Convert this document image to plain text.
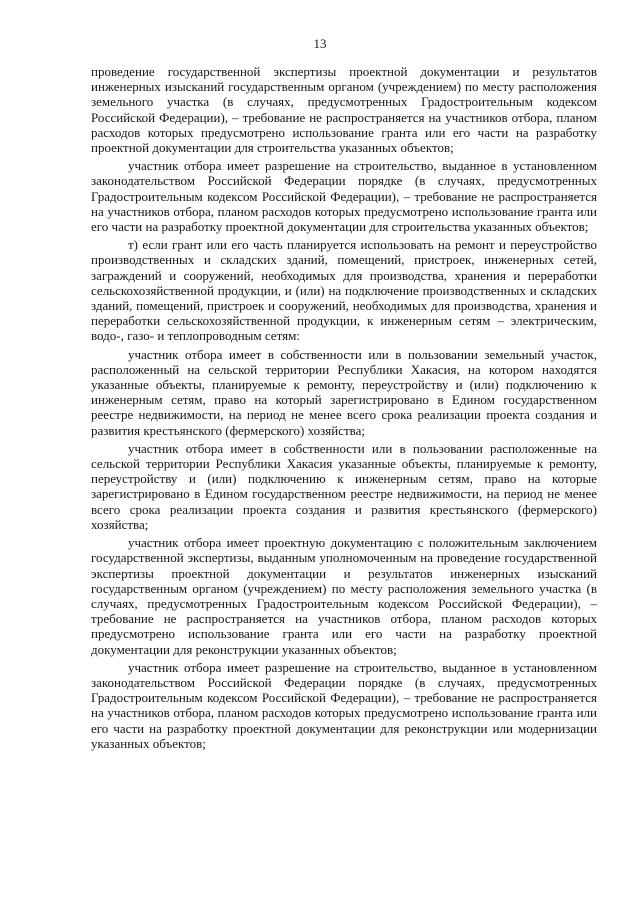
13

проведение государственной экспертизы проектной документации и результатов инженерных изысканий государственным органом (учреждением) по месту расположения земельного участка (в случаях, предусмотренных Градостроительным кодексом Российской Федерации), – требование не распространяется на участников отбора, планом расходов которых предусмотрено использование гранта или его части на разработку проектной документации для строительства указанных объектов;

участник отбора имеет разрешение на строительство, выданное в установленном законодательством Российской Федерации порядке (в случаях, предусмотренных Градостроительным кодексом Российской Федерации), – требование не распространяется на участников отбора, планом расходов которых предусмотрено использование гранта или его части на разработку проектной документации для строительства указанных объектов;

т) если грант или его часть планируется использовать на ремонт и переустройство производственных и складских зданий, помещений, пристроек, инженерных сетей, заграждений и сооружений, необходимых для производства, хранения и переработки сельскохозяйственной продукции, и (или) на подключение производственных и складских зданий, помещений, пристроек и сооружений, необходимых для производства, хранения и переработки сельскохозяйственной продукции, к инженерным сетям – электрическим, водо-, газо- и теплопроводным сетям:

участник отбора имеет в собственности или в пользовании земельный участок, расположенный на сельской территории Республики Хакасия, на котором находятся указанные объекты, планируемые к ремонту, переустройству и (или) подключению к инженерным сетям, право на который зарегистрировано в Едином государственном реестре недвижимости, на период не менее всего срока реализации проекта создания и развития крестьянского (фермерского) хозяйства;

участник отбора имеет в собственности или в пользовании расположенные на сельской территории Республики Хакасия указанные объекты, планируемые к ремонту, переустройству и (или) подключению к инженерным сетям, право на которые зарегистрировано в Едином государственном реестре недвижимости, на период не менее всего срока реализации проекта создания и развития крестьянского (фермерского) хозяйства;

участник отбора имеет проектную документацию с положительным заключением государственной экспертизы, выданным уполномоченным на проведение государственной экспертизы проектной документации и результатов инженерных изысканий государственным органом (учреждением) по месту расположения земельного участка (в случаях, предусмотренных Градостроительным кодексом Российской Федерации), – требование не распространяется на участников отбора, планом расходов которых предусмотрено использование гранта или его части на разработку проектной документации для реконструкции указанных объектов;

участник отбора имеет разрешение на строительство, выданное в установленном законодательством Российской Федерации порядке (в случаях, предусмотренных Градостроительным кодексом Российской Федерации), – требование не распространяется на участников отбора, планом расходов которых предусмотрено использование гранта или его части на разработку проектной документации для реконструкции или модернизации указанных объектов;
